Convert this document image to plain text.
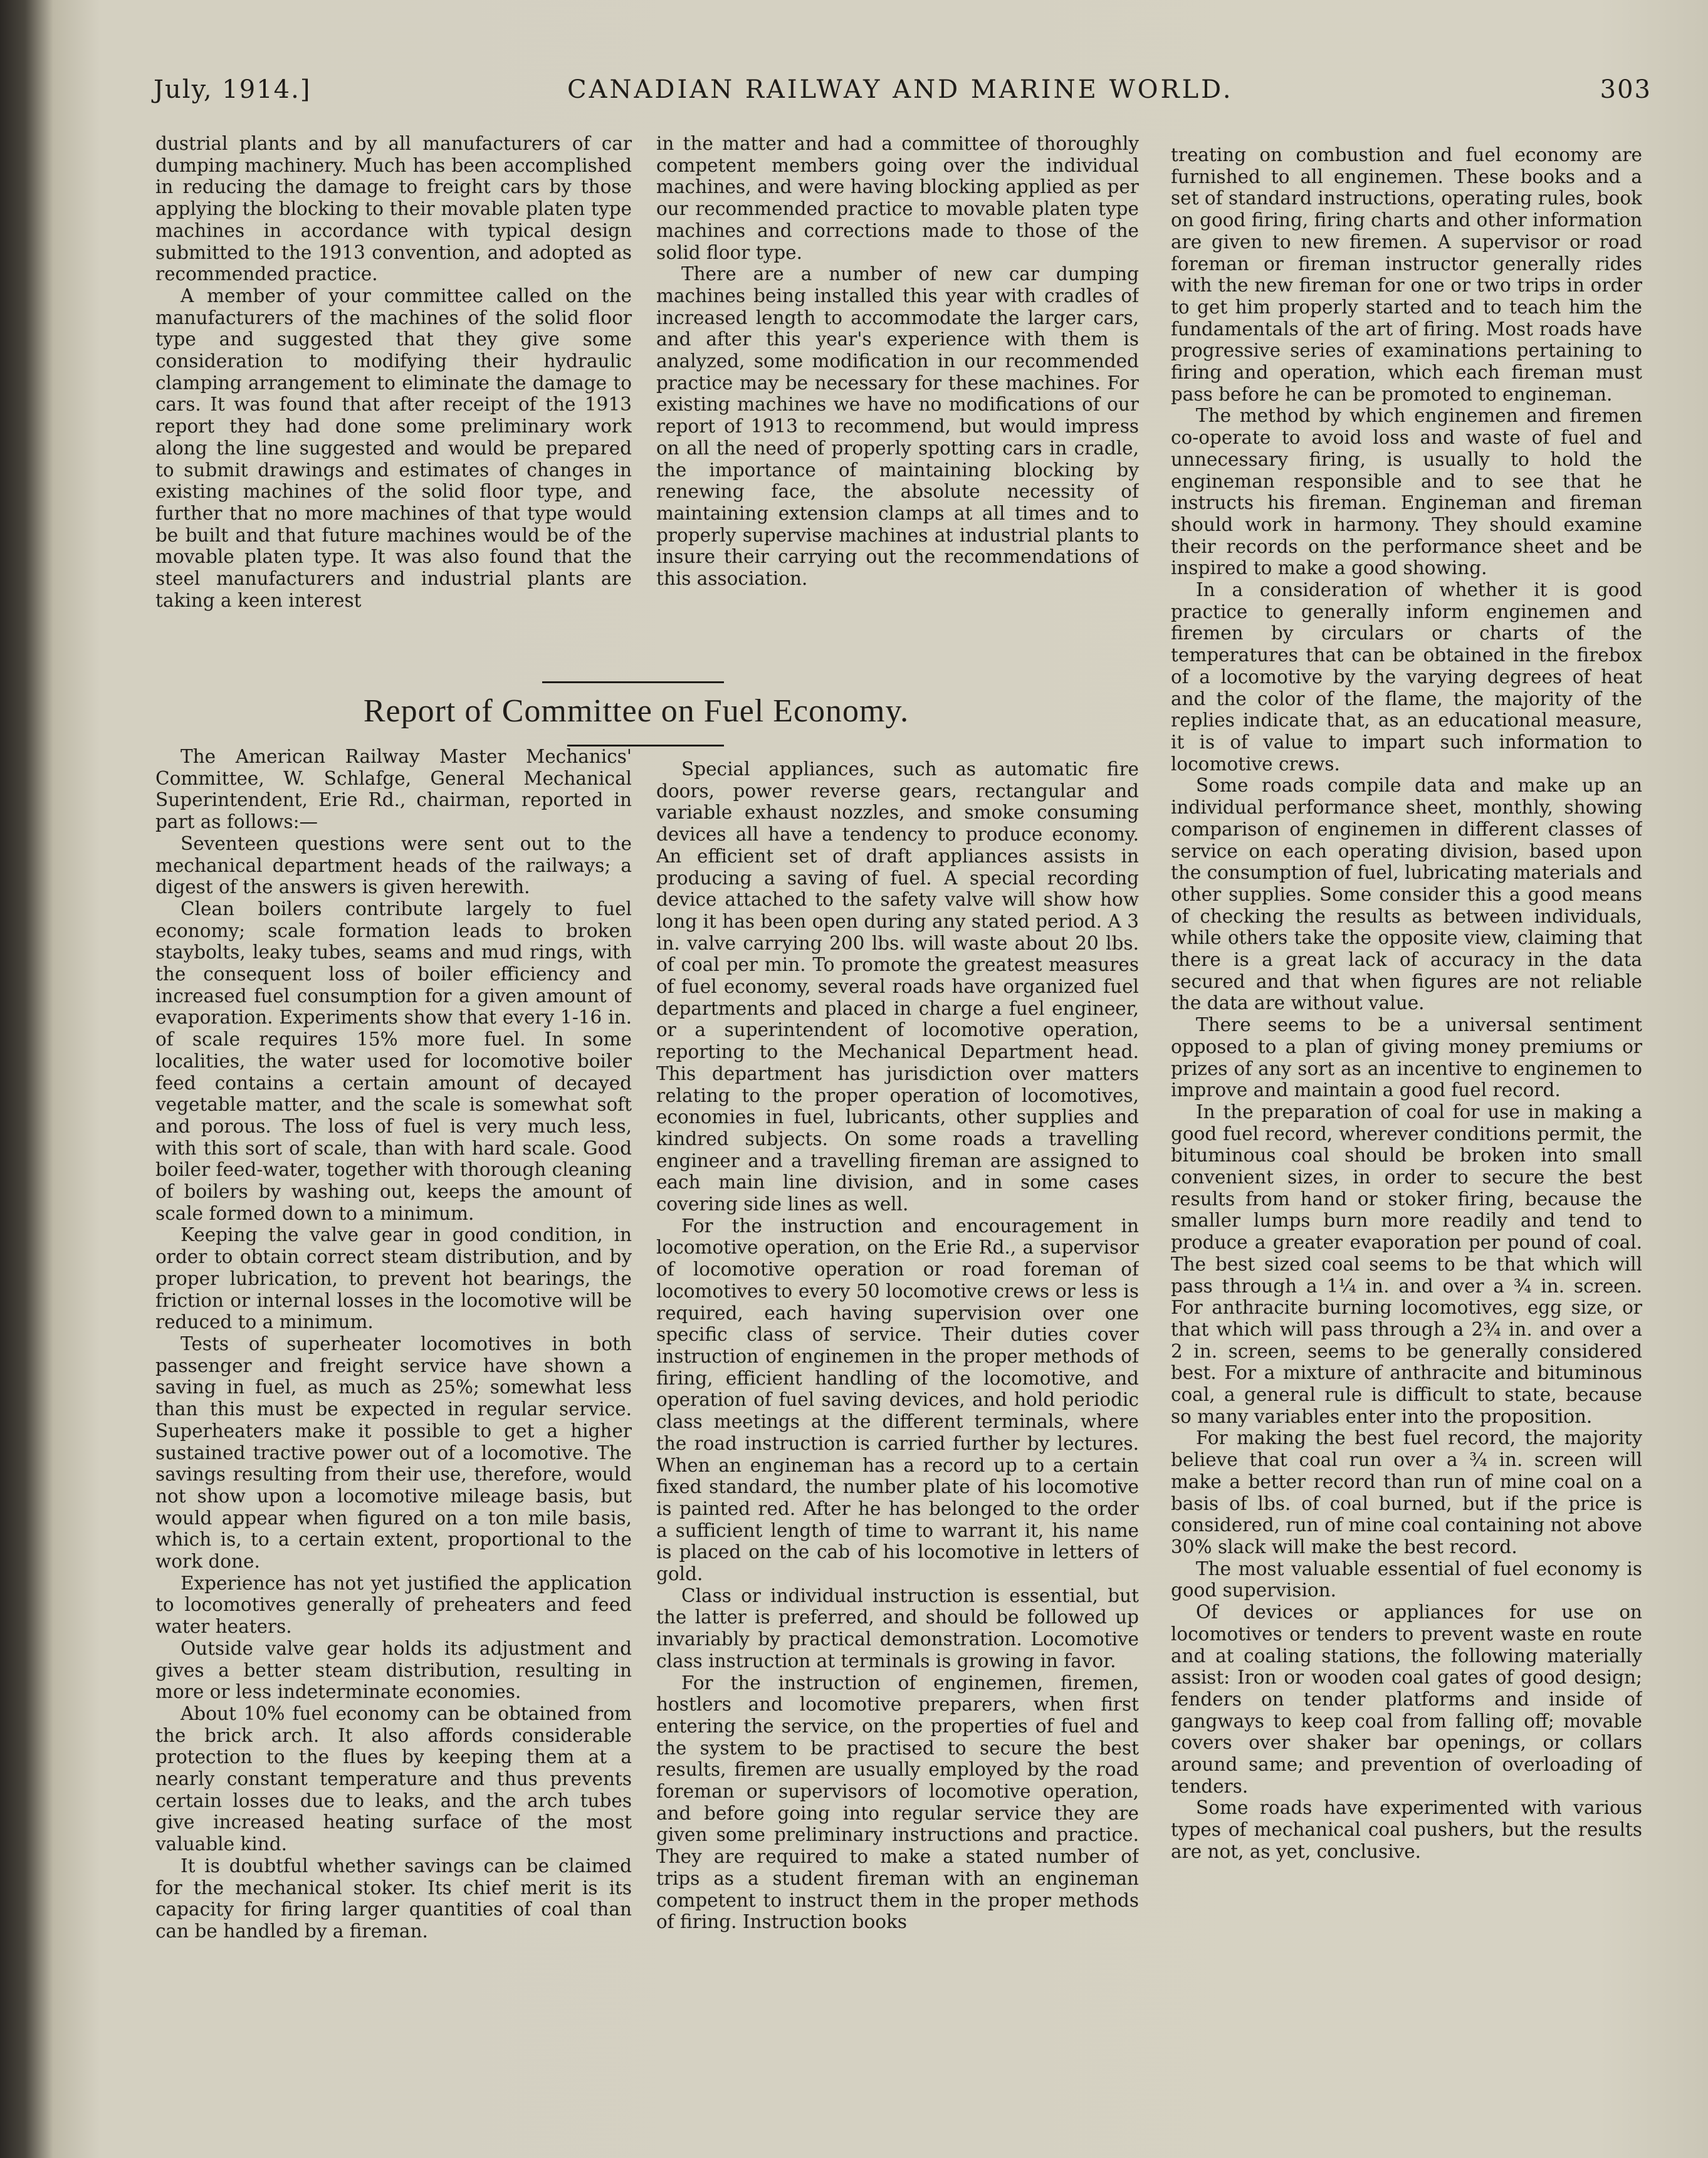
July, 1914.]	CANADIAN RAILWAY AND MARINE WORLD.	303

dustrial plants and by all manufacturers of car dumping machinery. Much has been accomplished in reducing the damage to freight cars by those applying the blocking to their movable platen type machines in accordance with typical design submitted to the 1913 convention, and adopted as recommended practice.

A member of your committee called on the manufacturers of the machines of the solid floor type and suggested that they give some consideration to modifying their hydraulic clamping arrangement to eliminate the damage to cars. It was found that after receipt of the 1913 report they had done some preliminary work along the line suggested and would be prepared to submit drawings and estimates of changes in existing machines of the solid floor type, and further that no more machines of that type would be built and that future machines would be of the movable platen type. It was also found that the steel manufacturers and industrial plants are taking a keen interest

in the matter and had a committee of thoroughly competent members going over the individual machines, and were having blocking applied as per our recommended practice to movable platen type machines and corrections made to those of the solid floor type.

There are a number of new car dumping machines being installed this year with cradles of increased length to accommodate the larger cars, and after this year's experience with them is analyzed, some modification in our recommended practice may be necessary for these machines. For existing machines we have no modifications of our report of 1913 to recommend, but would impress on all the need of properly spotting cars in cradle, the importance of maintaining blocking by renewing face, the absolute necessity of maintaining extension clamps at all times and to properly supervise machines at industrial plants to insure their carrying out the recommendations of this association.

Report of Committee on Fuel Economy.

The American Railway Master Mechanics' Committee, W. Schlafge, General Mechanical Superintendent, Erie Rd., chairman, reported in part as follows:—

Seventeen questions were sent out to the mechanical department heads of the railways; a digest of the answers is given herewith.

Clean boilers contribute largely to fuel economy; scale formation leads to broken staybolts, leaky tubes, seams and mud rings, with the consequent loss of boiler efficiency and increased fuel consumption for a given amount of evaporation. Experiments show that every 1-16 in. of scale requires 15% more fuel. In some localities, the water used for locomotive boiler feed contains a certain amount of decayed vegetable matter, and the scale is somewhat soft and porous. The loss of fuel is very much less, with this sort of scale, than with hard scale. Good boiler feed-water, together with thorough cleaning of boilers by washing out, keeps the amount of scale formed down to a minimum.

Keeping the valve gear in good condition, in order to obtain correct steam distribution, and by proper lubrication, to prevent hot bearings, the friction or internal losses in the locomotive will be reduced to a minimum.

Tests of superheater locomotives in both passenger and freight service have shown a saving in fuel, as much as 25%; somewhat less than this must be expected in regular service. Superheaters make it possible to get a higher sustained tractive power out of a locomotive. The savings resulting from their use, therefore, would not show upon a locomotive mileage basis, but would appear when figured on a ton mile basis, which is, to a certain extent, proportional to the work done.

Experience has not yet justified the application to locomotives generally of preheaters and feed water heaters.

Outside valve gear holds its adjustment and gives a better steam distribution, resulting in more or less indeterminate economies.

About 10% fuel economy can be obtained from the brick arch. It also affords considerable protection to the flues by keeping them at a nearly constant temperature and thus prevents certain losses due to leaks, and the arch tubes give increased heating surface of the most valuable kind.

It is doubtful whether savings can be claimed for the mechanical stoker. Its chief merit is its capacity for firing larger quantities of coal than can be handled by a fireman.

Special appliances, such as automatic fire doors, power reverse gears, rectangular and variable exhaust nozzles, and smoke consuming devices all have a tendency to produce economy. An efficient set of draft appliances assists in producing a saving of fuel. A special recording device attached to the safety valve will show how long it has been open during any stated period. A 3 in. valve carrying 200 lbs. will waste about 20 lbs. of coal per min. To promote the greatest measures of fuel economy, several roads have organized fuel departments and placed in charge a fuel engineer, or a superintendent of locomotive operation, reporting to the Mechanical Department head. This department has jurisdiction over matters relating to the proper operation of locomotives, economies in fuel, lubricants, other supplies and kindred subjects. On some roads a travelling engineer and a travelling fireman are assigned to each main line division, and in some cases covering side lines as well.

For the instruction and encouragement in locomotive operation, on the Erie Rd., a supervisor of locomotive operation or road foreman of locomotives to every 50 locomotive crews or less is required, each having supervision over one specific class of service. Their duties cover instruction of enginemen in the proper methods of firing, efficient handling of the locomotive, and operation of fuel saving devices, and hold periodic class meetings at the different terminals, where the road instruction is carried further by lectures. When an engineman has a record up to a certain fixed standard, the number plate of his locomotive is painted red. After he has belonged to the order a sufficient length of time to warrant it, his name is placed on the cab of his locomotive in letters of gold.

Class or individual instruction is essential, but the latter is preferred, and should be followed up invariably by practical demonstration. Locomotive class instruction at terminals is growing in favor.

For the instruction of enginemen, firemen, hostlers and locomotive preparers, when first entering the service, on the properties of fuel and the system to be practised to secure the best results, firemen are usually employed by the road foreman or supervisors of locomotive operation, and before going into regular service they are given some preliminary instructions and practice. They are required to make a stated number of trips as a student fireman with an engineman competent to instruct them in the proper methods of firing. Instruction books

treating on combustion and fuel economy are furnished to all enginemen. These books and a set of standard instructions, operating rules, book on good firing, firing charts and other information are given to new firemen. A supervisor or road foreman or fireman instructor generally rides with the new fireman for one or two trips in order to get him properly started and to teach him the fundamentals of the art of firing. Most roads have progressive series of examinations pertaining to firing and operation, which each fireman must pass before he can be promoted to engineman.

The method by which enginemen and firemen co-operate to avoid loss and waste of fuel and unnecessary firing, is usually to hold the engineman responsible and to see that he instructs his fireman. Engineman and fireman should work in harmony. They should examine their records on the performance sheet and be inspired to make a good showing.

In a consideration of whether it is good practice to generally inform enginemen and firemen by circulars or charts of the temperatures that can be obtained in the firebox of a locomotive by the varying degrees of heat and the color of the flame, the majority of the replies indicate that, as an educational measure, it is of value to impart such information to locomotive crews.

Some roads compile data and make up an individual performance sheet, monthly, showing comparison of enginemen in different classes of service on each operating division, based upon the consumption of fuel, lubricating materials and other supplies. Some consider this a good means of checking the results as between individuals, while others take the opposite view, claiming that there is a great lack of accuracy in the data secured and that when figures are not reliable the data are without value.

There seems to be a universal sentiment opposed to a plan of giving money premiums or prizes of any sort as an incentive to enginemen to improve and maintain a good fuel record.

In the preparation of coal for use in making a good fuel record, wherever conditions permit, the bituminous coal should be broken into small convenient sizes, in order to secure the best results from hand or stoker firing, because the smaller lumps burn more readily and tend to produce a greater evaporation per pound of coal. The best sized coal seems to be that which will pass through a 1¼ in. and over a ¾ in. screen. For anthracite burning locomotives, egg size, or that which will pass through a 2¾ in. and over a 2 in. screen, seems to be generally considered best. For a mixture of anthracite and bituminous coal, a general rule is difficult to state, because so many variables enter into the proposition.

For making the best fuel record, the majority believe that coal run over a ¾ in. screen will make a better record than run of mine coal on a basis of lbs. of coal burned, but if the price is considered, run of mine coal containing not above 30% slack will make the best record.

The most valuable essential of fuel economy is good supervision.

Of devices or appliances for use on locomotives or tenders to prevent waste en route and at coaling stations, the following materially assist: Iron or wooden coal gates of good design; fenders on tender platforms and inside of gangways to keep coal from falling off; movable covers over shaker bar openings, or collars around same; and prevention of overloading of tenders.

Some roads have experimented with various types of mechanical coal pushers, but the results are not, as yet, conclusive.
